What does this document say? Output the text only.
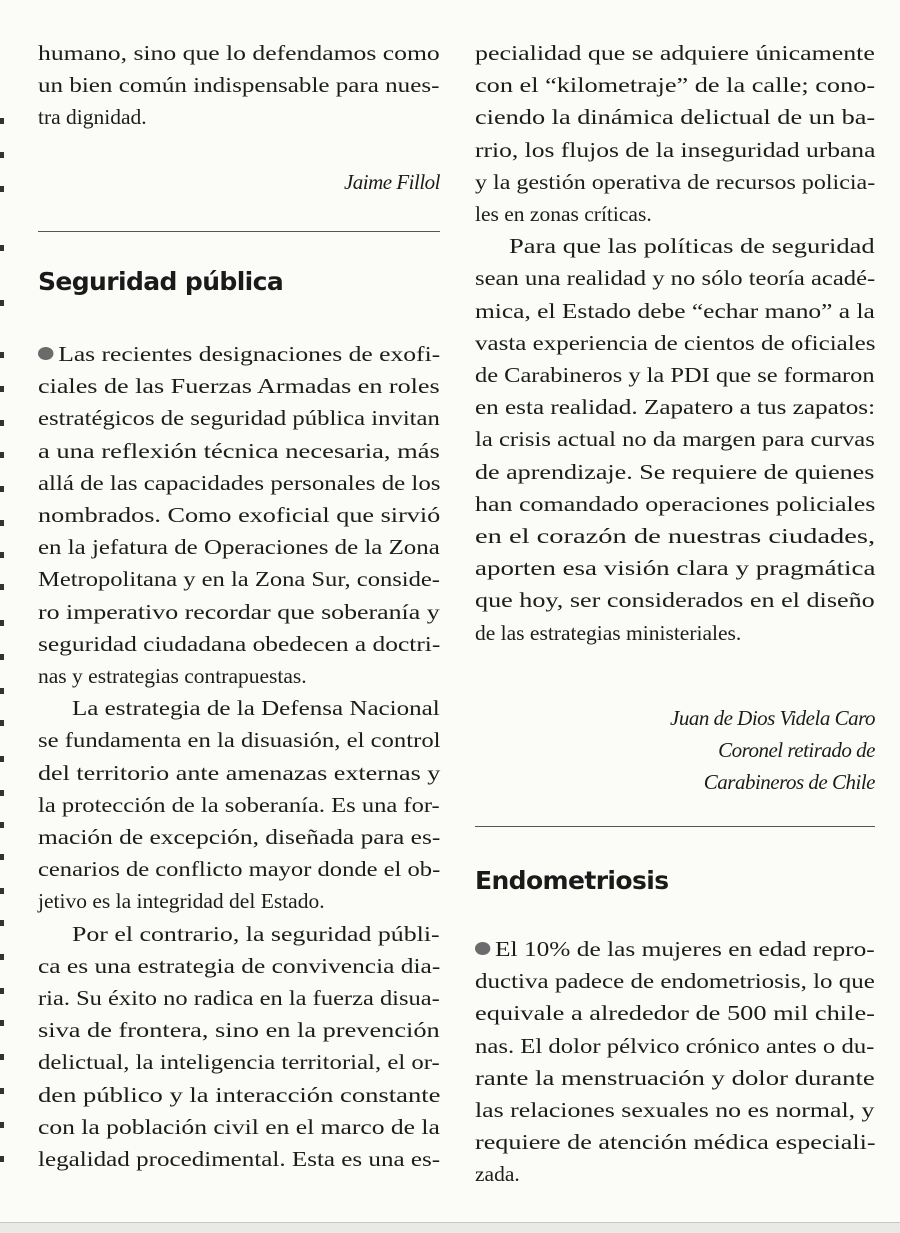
humano, sino que lo defendamos como
un bien común indispensable para nues-
tra dignidad.
Jaime Fillol
Seguridad pública
Las recientes designaciones de exofi-
ciales de las Fuerzas Armadas en roles
estratégicos de seguridad pública invitan
a una reflexión técnica necesaria, más
allá de las capacidades personales de los
nombrados. Como exoficial que sirvió
en la jefatura de Operaciones de la Zona
Metropolitana y en la Zona Sur, conside-
ro imperativo recordar que soberanía y
seguridad ciudadana obedecen a doctri-
nas y estrategias contrapuestas.
La estrategia de la Defensa Nacional
se fundamenta en la disuasión, el control
del territorio ante amenazas externas y
la protección de la soberanía. Es una for-
mación de excepción, diseñada para es-
cenarios de conflicto mayor donde el ob-
jetivo es la integridad del Estado.
Por el contrario, la seguridad públi-
ca es una estrategia de convivencia dia-
ria. Su éxito no radica en la fuerza disua-
siva de frontera, sino en la prevención
delictual, la inteligencia territorial, el or-
den público y la interacción constante
con la población civil en el marco de la
legalidad procedimental. Esta es una es-
pecialidad que se adquiere únicamente
con el “kilometraje” de la calle; cono-
ciendo la dinámica delictual de un ba-
rrio, los flujos de la inseguridad urbana
y la gestión operativa de recursos policia-
les en zonas críticas.
Para que las políticas de seguridad
sean una realidad y no sólo teoría acadé-
mica, el Estado debe “echar mano” a la
vasta experiencia de cientos de oficiales
de Carabineros y la PDI que se formaron
en esta realidad. Zapatero a tus zapatos:
la crisis actual no da margen para curvas
de aprendizaje. Se requiere de quienes
han comandado operaciones policiales
en el corazón de nuestras ciudades,
aporten esa visión clara y pragmática
que hoy, ser considerados en el diseño
de las estrategias ministeriales.
Juan de Dios Videla Caro
Coronel retirado de
Carabineros de Chile
Endometriosis
El 10% de las mujeres en edad repro-
ductiva padece de endometriosis, lo que
equivale a alrededor de 500 mil chile-
nas. El dolor pélvico crónico antes o du-
rante la menstruación y dolor durante
las relaciones sexuales no es normal, y
requiere de atención médica especiali-
zada.
